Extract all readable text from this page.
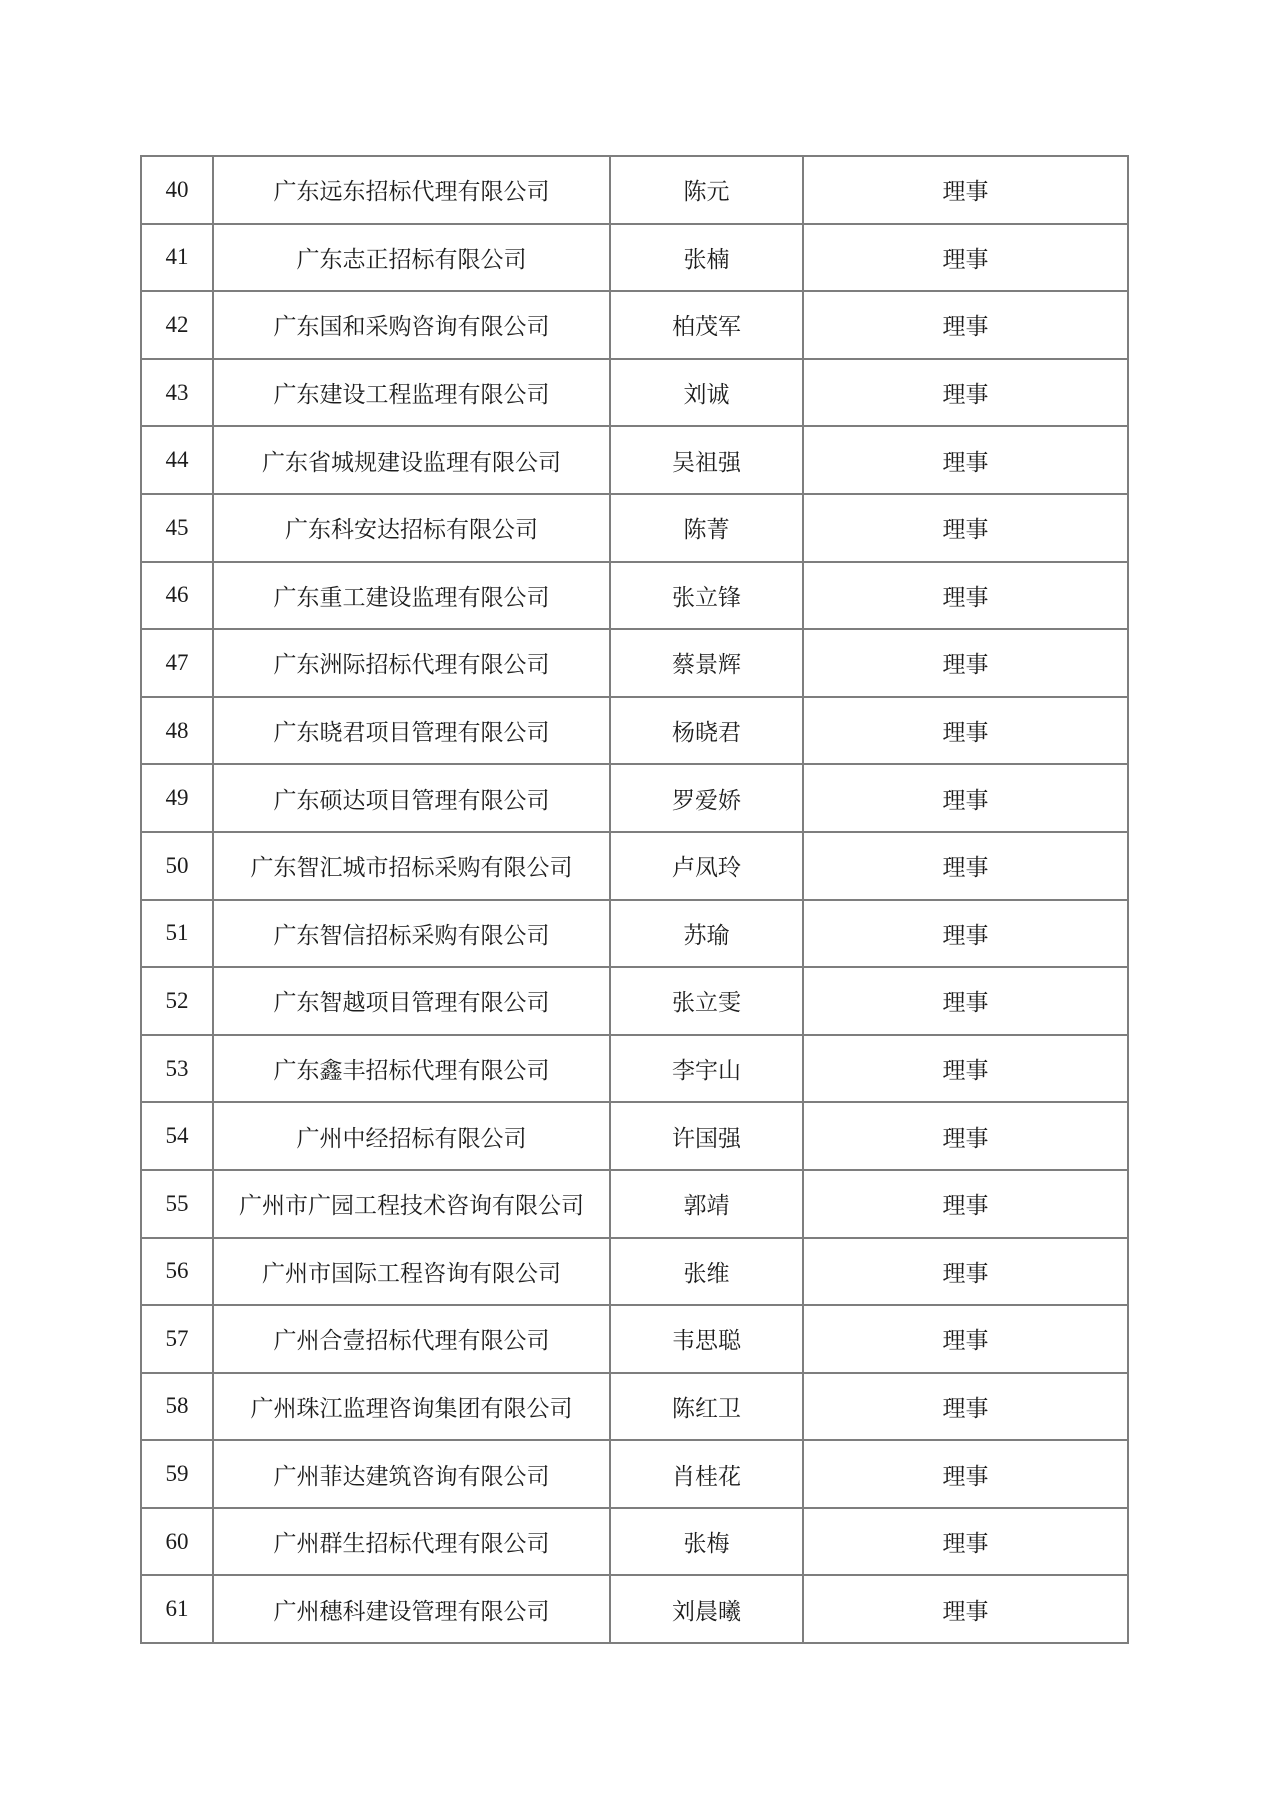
40	广东远东招标代理有限公司	陈元	理事
41	广东志正招标有限公司	张楠	理事
42	广东国和采购咨询有限公司	柏茂军	理事
43	广东建设工程监理有限公司	刘诚	理事
44	广东省城规建设监理有限公司	吴祖强	理事
45	广东科安达招标有限公司	陈菁	理事
46	广东重工建设监理有限公司	张立锋	理事
47	广东洲际招标代理有限公司	蔡景辉	理事
48	广东晓君项目管理有限公司	杨晓君	理事
49	广东硕达项目管理有限公司	罗爱娇	理事
50	广东智汇城市招标采购有限公司	卢凤玲	理事
51	广东智信招标采购有限公司	苏瑜	理事
52	广东智越项目管理有限公司	张立雯	理事
53	广东鑫丰招标代理有限公司	李宇山	理事
54	广州中经招标有限公司	许国强	理事
55	广州市广园工程技术咨询有限公司	郭靖	理事
56	广州市国际工程咨询有限公司	张维	理事
57	广州合壹招标代理有限公司	韦思聪	理事
58	广州珠江监理咨询集团有限公司	陈红卫	理事
59	广州菲达建筑咨询有限公司	肖桂花	理事
60	广州群生招标代理有限公司	张梅	理事
61	广州穗科建设管理有限公司	刘晨曦	理事
